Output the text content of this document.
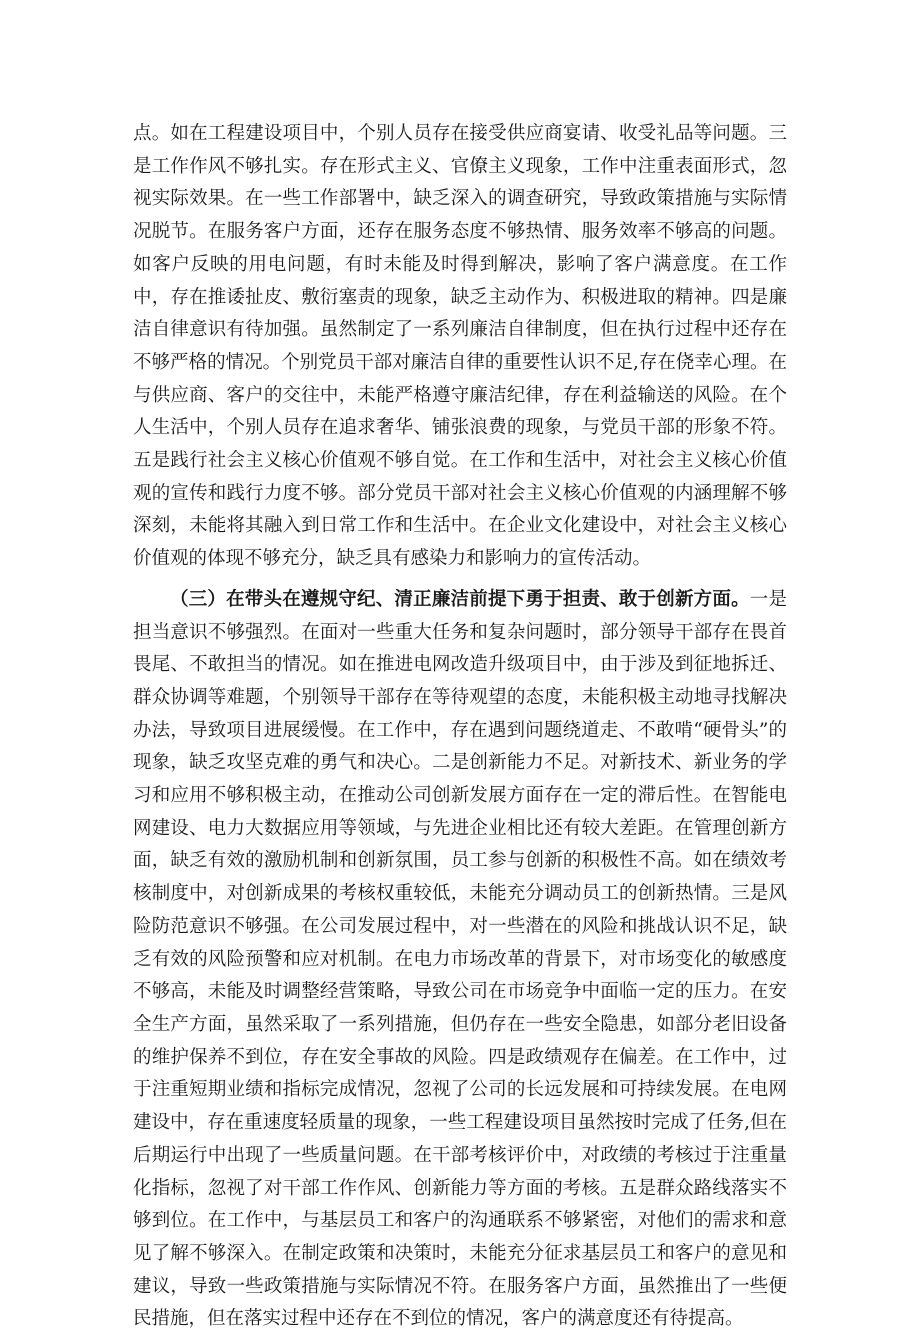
点。如在工程建设项目中，个别人员存在接受供应商宴请、收受礼品等问题。三是工作作风不够扎实。存在形式主义、官僚主义现象，工作中注重表面形式，忽视实际效果。在一些工作部署中，缺乏深入的调查研究，导致政策措施与实际情况脱节。在服务客户方面，还存在服务态度不够热情、服务效率不够高的问题。如客户反映的用电问题，有时未能及时得到解决，影响了客户满意度。在工作中，存在推诿扯皮、敷衍塞责的现象，缺乏主动作为、积极进取的精神。四是廉洁自律意识有待加强。虽然制定了一系列廉洁自律制度，但在执行过程中还存在不够严格的情况。个别党员干部对廉洁自律的重要性认识不足,存在侥幸心理。在与供应商、客户的交往中，未能严格遵守廉洁纪律，存在利益输送的风险。在个人生活中，个别人员存在追求奢华、铺张浪费的现象，与党员干部的形象不符。五是践行社会主义核心价值观不够自觉。在工作和生活中，对社会主义核心价值观的宣传和践行力度不够。部分党员干部对社会主义核心价值观的内涵理解不够深刻，未能将其融入到日常工作和生活中。在企业文化建设中，对社会主义核心价值观的体现不够充分，缺乏具有感染力和影响力的宣传活动。

（三）在带头在遵规守纪、清正廉洁前提下勇于担责、敢于创新方面。一是担当意识不够强烈。在面对一些重大任务和复杂问题时，部分领导干部存在畏首畏尾、不敢担当的情况。如在推进电网改造升级项目中，由于涉及到征地拆迁、群众协调等难题，个别领导干部存在等待观望的态度，未能积极主动地寻找解决办法，导致项目进展缓慢。在工作中，存在遇到问题绕道走、不敢啃“硬骨头”的现象，缺乏攻坚克难的勇气和决心。二是创新能力不足。对新技术、新业务的学习和应用不够积极主动，在推动公司创新发展方面存在一定的滞后性。在智能电网建设、电力大数据应用等领域，与先进企业相比还有较大差距。在管理创新方面，缺乏有效的激励机制和创新氛围，员工参与创新的积极性不高。如在绩效考核制度中，对创新成果的考核权重较低，未能充分调动员工的创新热情。三是风险防范意识不够强。在公司发展过程中，对一些潜在的风险和挑战认识不足，缺乏有效的风险预警和应对机制。在电力市场改革的背景下，对市场变化的敏感度不够高，未能及时调整经营策略，导致公司在市场竞争中面临一定的压力。在安全生产方面，虽然采取了一系列措施，但仍存在一些安全隐患，如部分老旧设备的维护保养不到位，存在安全事故的风险。四是政绩观存在偏差。在工作中，过于注重短期业绩和指标完成情况，忽视了公司的长远发展和可持续发展。在电网建设中，存在重速度轻质量的现象，一些工程建设项目虽然按时完成了任务,但在后期运行中出现了一些质量问题。在干部考核评价中，对政绩的考核过于注重量化指标，忽视了对干部工作作风、创新能力等方面的考核。五是群众路线落实不够到位。在工作中，与基层员工和客户的沟通联系不够紧密，对他们的需求和意见了解不够深入。在制定政策和决策时，未能充分征求基层员工和客户的意见和建议，导致一些政策措施与实际情况不符。在服务客户方面，虽然推出了一些便民措施，但在落实过程中还存在不到位的情况，客户的满意度还有待提高。
